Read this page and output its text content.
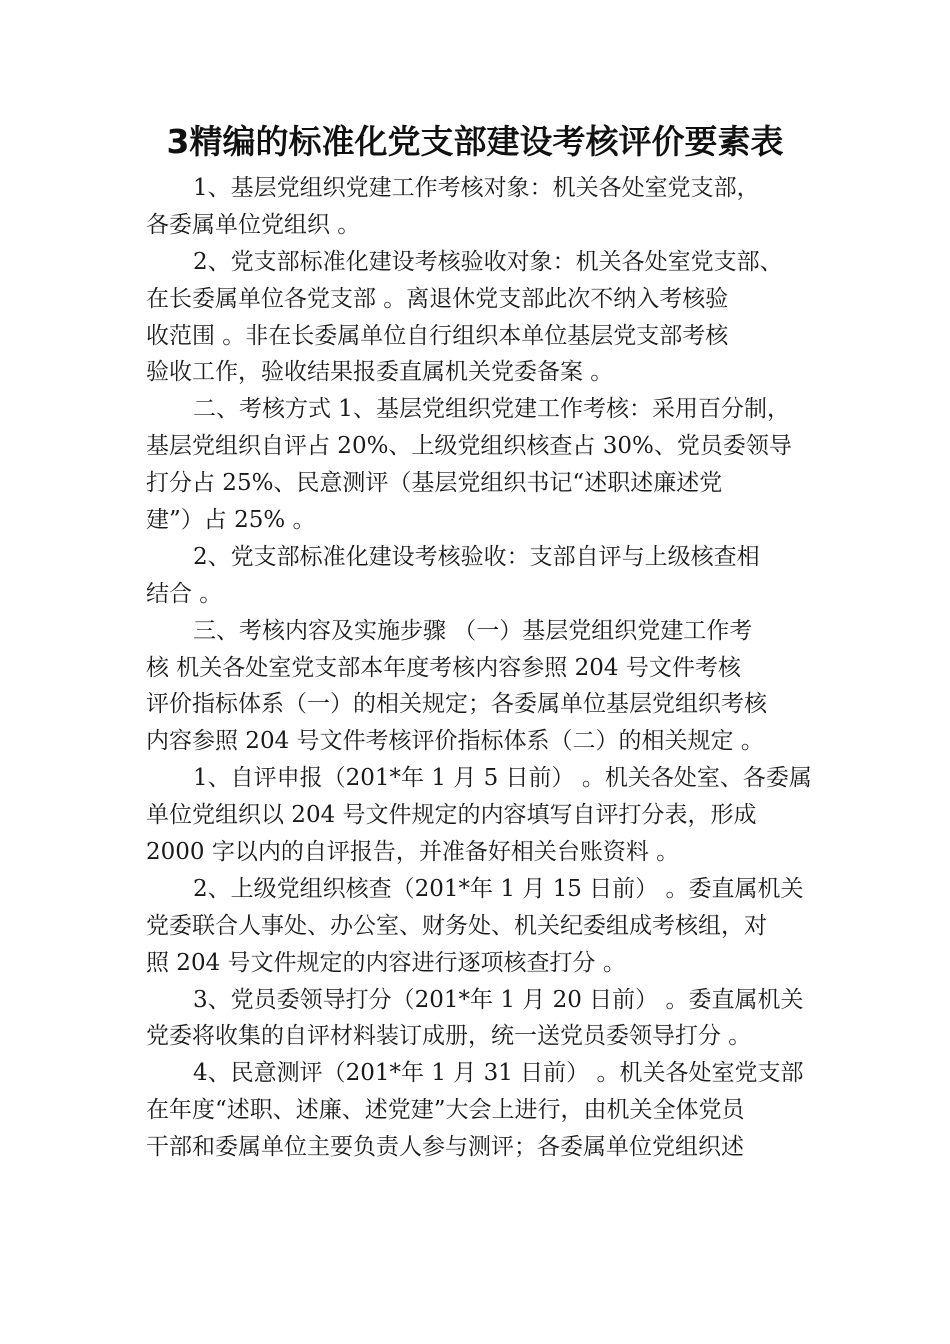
3精编的标准化党支部建设考核评价要素表
1、基层党组织党建工作考核对象：机关各处室党支部，
各委属单位党组织 。
2、党支部标准化建设考核验收对象：机关各处室党支部、
在长委属单位各党支部 。离退休党支部此次不纳入考核验
收范围 。非在长委属单位自行组织本单位基层党支部考核
验收工作，验收结果报委直属机关党委备案 。
二、考核方式 1、基层党组织党建工作考核：采用百分制，
基层党组织自评占 20%、上级党组织核查占 30%、党员委领导
打分占 25%、民意测评（基层党组织书记“述职述廉述党
建”）占 25% 。
2、党支部标准化建设考核验收：支部自评与上级核查相
结合 。
三、考核内容及实施步骤 （一）基层党组织党建工作考
核 机关各处室党支部本年度考核内容参照 204 号文件考核
评价指标体系（一）的相关规定；各委属单位基层党组织考核
内容参照 204 号文件考核评价指标体系（二）的相关规定 。
1、自评申报（201*年 1 月 5 日前） 。机关各处室、各委属
单位党组织以 204 号文件规定的内容填写自评打分表，形成
2000 字以内的自评报告，并准备好相关台账资料 。
2、上级党组织核查（201*年 1 月 15 日前） 。委直属机关
党委联合人事处、办公室、财务处、机关纪委组成考核组，对
照 204 号文件规定的内容进行逐项核查打分 。
3、党员委领导打分（201*年 1 月 20 日前） 。委直属机关
党委将收集的自评材料装订成册，统一送党员委领导打分 。
4、民意测评（201*年 1 月 31 日前） 。机关各处室党支部
在年度“述职、述廉、述党建”大会上进行，由机关全体党员
干部和委属单位主要负责人参与测评；各委属单位党组织述
